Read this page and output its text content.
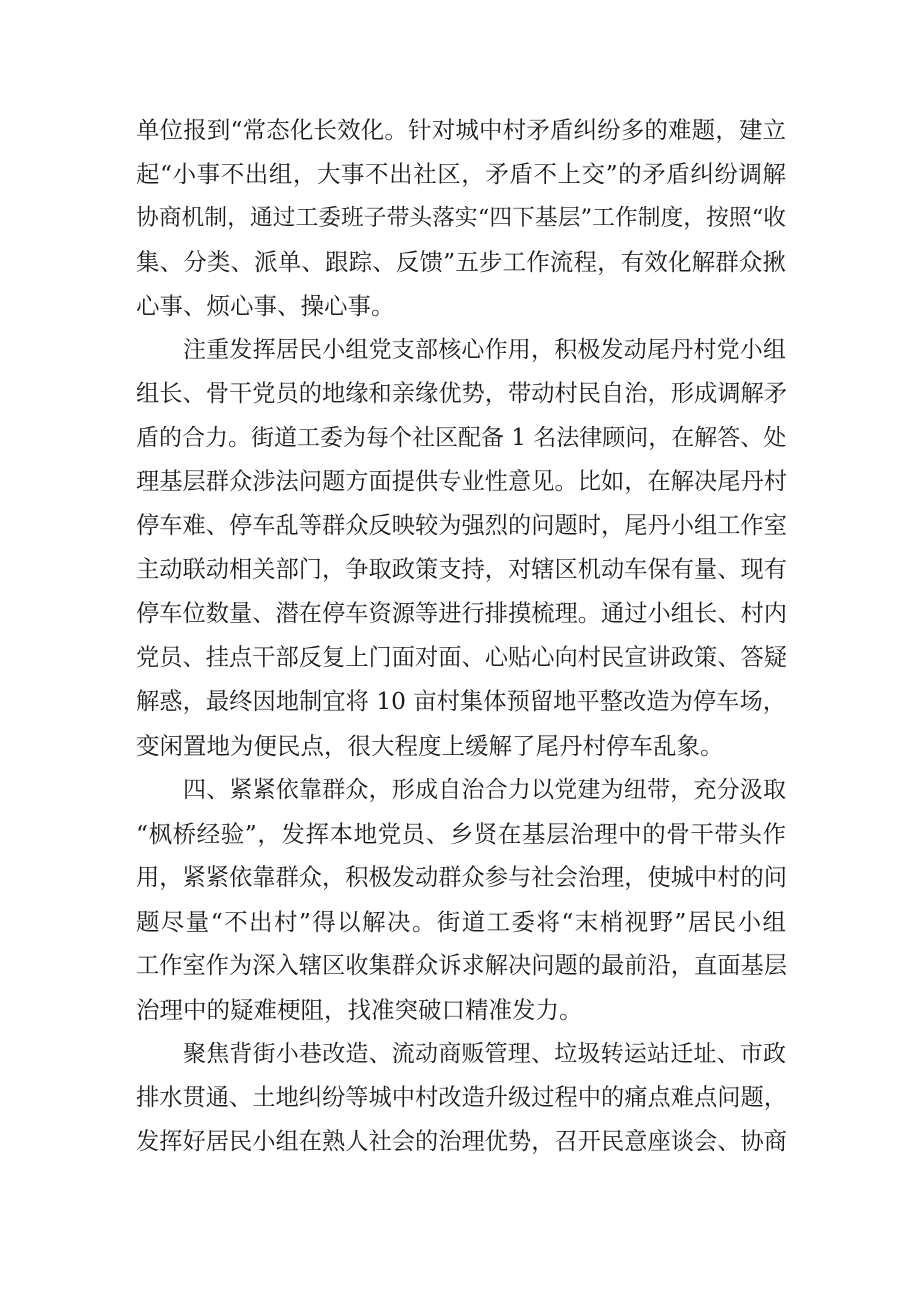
单位报到“常态化长效化。针对城中村矛盾纠纷多的难题，建立
起“小事不出组，大事不出社区，矛盾不上交”的矛盾纠纷调解
协商机制，通过工委班子带头落实“四下基层”工作制度，按照“收
集、分类、派单、跟踪、反馈”五步工作流程，有效化解群众揪
心事、烦心事、操心事。

注重发挥居民小组党支部核心作用，积极发动尾丹村党小组
组长、骨干党员的地缘和亲缘优势，带动村民自治，形成调解矛
盾的合力。街道工委为每个社区配备 1 名法律顾问，在解答、处
理基层群众涉法问题方面提供专业性意见。比如，在解决尾丹村
停车难、停车乱等群众反映较为强烈的问题时，尾丹小组工作室
主动联动相关部门，争取政策支持，对辖区机动车保有量、现有
停车位数量、潜在停车资源等进行排摸梳理。通过小组长、村内
党员、挂点干部反复上门面对面、心贴心向村民宣讲政策、答疑
解惑，最终因地制宜将 10 亩村集体预留地平整改造为停车场，
变闲置地为便民点，很大程度上缓解了尾丹村停车乱象。

四、紧紧依靠群众，形成自治合力以党建为纽带，充分汲取
“枫桥经验”，发挥本地党员、乡贤在基层治理中的骨干带头作
用，紧紧依靠群众，积极发动群众参与社会治理，使城中村的问
题尽量“不出村”得以解决。街道工委将“末梢视野”居民小组
工作室作为深入辖区收集群众诉求解决问题的最前沿，直面基层
治理中的疑难梗阻，找准突破口精准发力。

聚焦背街小巷改造、流动商贩管理、垃圾转运站迁址、市政
排水贯通、土地纠纷等城中村改造升级过程中的痛点难点问题，
发挥好居民小组在熟人社会的治理优势，召开民意座谈会、协商
